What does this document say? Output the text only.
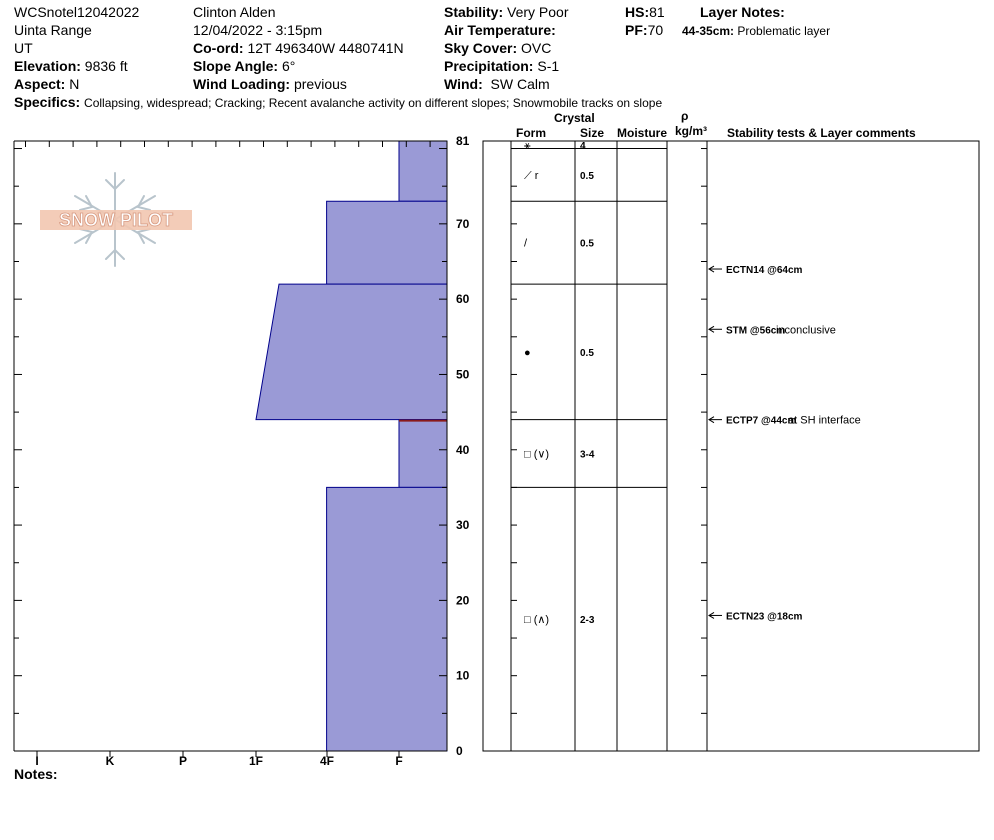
WCSnotel12042022
Uinta Range
UT
Elevation: 9836 ft
Aspect: N
Clinton Alden
12/04/2022 - 3:15pm
Co-ord: 12T 496340W 4480741N
Slope Angle: 6°
Wind Loading: previous
Stability: Very Poor
Air Temperature:
Sky Cover: OVC
Precipitation: S-1
Wind: SW Calm
HS:81
PF:70
Layer Notes:
44-35cm: Problematic layer
Specifics: Collapsing, widespread; Cracking; Recent avalanche activity on different slopes; Snowmobile tracks on slope
Crystal
Form	Size Moisture
ρ
kg/m³ Stability tests & Layer comments
SNOW PILOT
0
10
20
30
40
50
60
70
81
I	K	P	1F	4F	F
⚹	4
⟋ r	0.5
/	0.5
●	0.5
□ (∨)	3-4
□ (∧)	2-3
ECTN14 @64cm
STM @56cm
inconclusive
ECTP7 @44cm
at SH interface
ECTN23 @18cm
Notes:
